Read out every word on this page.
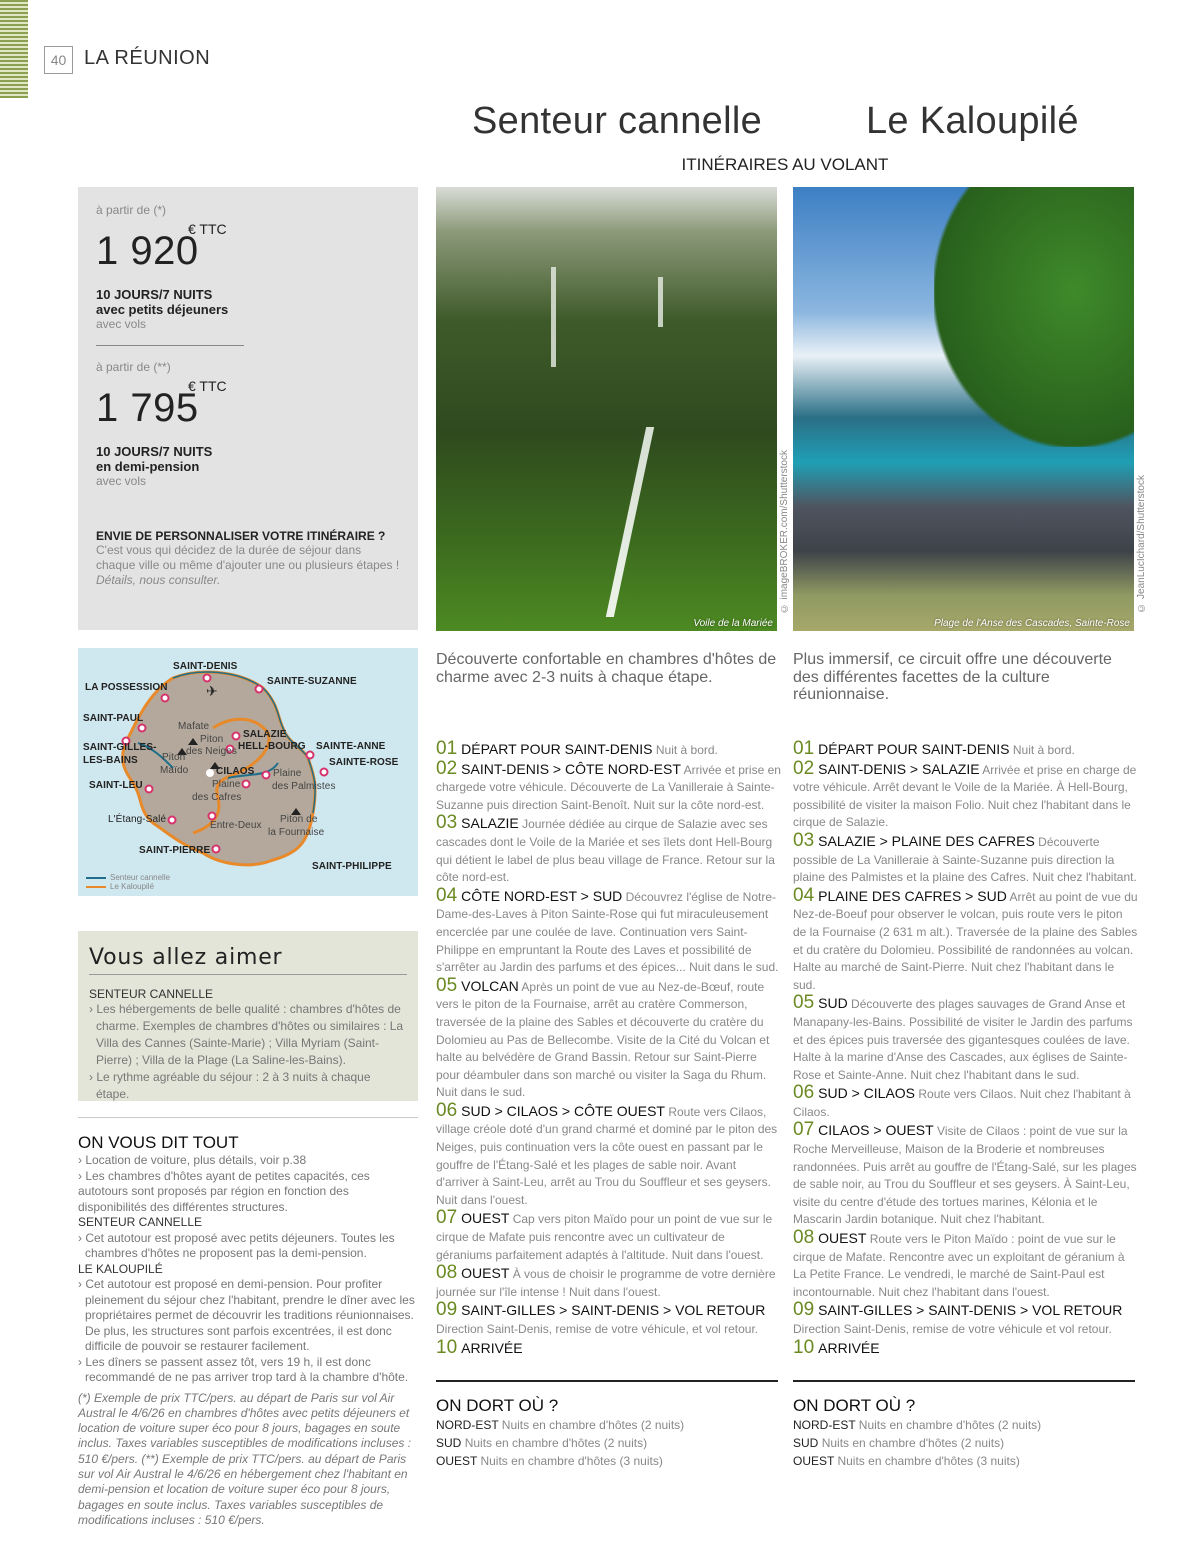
40 LA RÉUNION
Senteur cannelle	Le Kaloupilé
ITINÉRAIRES AU VOLANT
à partir de (*)
1 920
€ TTC
10 JOURS/7 NUITS
avec petits déjeuners
avec vols
à partir de (**)
1 795
€ TTC
10 JOURS/7 NUITS
en demi-pension
avec vols
ENVIE DE PERSONNALISER VOTRE ITINÉRAIRE ?
C'est vous qui décidez de la durée de séjour dans chaque ville ou même d'ajouter une ou plusieurs étapes !
Détails, nous consulter.
✈
SAINT-DENIS
LA POSSESSION
SAINTE-SUZANNE
SAINT-PAUL
SAINT-GILLES-
LES-BAINS
SAINT-LEU
L'Étang-Salé
SAINT-PIERRE
SAINT-PHILIPPE
SAINTE-ANNE
SAINTE-ROSE
SALAZIE
HELL-BOURG
CILAOS
Mafate
Piton
des Neiges
Piton
Maïdo
Plaine
des Cafres
Plaine
des Palmistes
Entre-Deux
Piton de
la Fournaise
Senteur cannelle
Le Kaloupilé
Vous allez aimer
SENTEUR CANNELLE
› Les hébergements de belle qualité : chambres d'hôtes de charme. Exemples de chambres d'hôtes ou similaires : La Villa des Cannes (Sainte-Marie) ; Villa Myriam (Saint-Pierre) ; Villa de la Plage (La Saline-les-Bains).
› Le rythme agréable du séjour : 2 à 3 nuits à chaque étape.
ON VOUS DIT TOUT
› Location de voiture, plus détails, voir p.38
› Les chambres d'hôtes ayant de petites capacités, ces autotours sont proposés par région en fonction des disponibilités des différentes structures.
SENTEUR CANNELLE
› Cet autotour est proposé avec petits déjeuners. Toutes les chambres d'hôtes ne proposent pas la demi-pension.
LE KALOUPILÉ
› Cet autotour est proposé en demi-pension. Pour profiter pleinement du séjour chez l'habitant, prendre le dîner avec les propriétaires permet de découvrir les traditions réunionnaises. De plus, les structures sont parfois excentrées, il est donc difficile de pouvoir se restaurer facilement.
› Les dîners se passent assez tôt, vers 19 h, il est donc recommandé de ne pas arriver trop tard à la chambre d'hôte.
(*) Exemple de prix TTC/pers. au départ de Paris sur vol Air Austral le 4/6/26 en chambres d'hôtes avec petits déjeuners et location de voiture super éco pour 8 jours, bagages en soute inclus. Taxes variables susceptibles de modifications incluses : 510 €/pers. (**) Exemple de prix TTC/pers. au départ de Paris sur vol Air Austral le 4/6/26 en hébergement chez l'habitant en demi-pension et location de voiture super éco pour 8 jours, bagages en soute inclus. Taxes variables susceptibles de modifications incluses : 510 €/pers.
Voile de la Mariée
© imageBROKER.com/Shutterstock
Plage de l'Anse des Cascades, Sainte-Rose
© JeanLucIchard/Shutterstock
Découverte confortable en chambres d'hôtes de charme avec 2-3 nuits à chaque étape.
Plus immersif, ce circuit offre une découverte des différentes facettes de la culture réunionnaise.
01 DÉPART POUR SAINT-DENIS Nuit à bord.
02 SAINT-DENIS > CÔTE NORD-EST Arrivée et prise en chargede votre véhicule. Découverte de La Vanilleraie à Sainte-Suzanne puis direction Saint-Benoît. Nuit sur la côte nord-est.
03 SALAZIE Journée dédiée au cirque de Salazie avec ses cascades dont le Voile de la Mariée et ses îlets dont Hell-Bourg qui détient le label de plus beau village de France. Retour sur la côte nord-est.
04 CÔTE NORD-EST > SUD Découvrez l'église de Notre-Dame-des-Laves à Piton Sainte-Rose qui fut miraculeusement encerclée par une coulée de lave. Continuation vers Saint-Philippe en empruntant la Route des Laves et possibilité de s'arrêter au Jardin des parfums et des épices... Nuit dans le sud.
05 VOLCAN Après un point de vue au Nez-de-Bœuf, route vers le piton de la Fournaise, arrêt au cratère Commerson, traversée de la plaine des Sables et découverte du cratère du Dolomieu au Pas de Bellecombe. Visite de la Cité du Volcan et halte au belvédère de Grand Bassin. Retour sur Saint-Pierre pour déambuler dans son marché ou visiter la Saga du Rhum. Nuit dans le sud.
06 SUD > CILAOS > CÔTE OUEST Route vers Cilaos, village créole doté d'un grand charmé et dominé par le piton des Neiges, puis continuation vers la côte ouest en passant par le gouffre de l'Étang-Salé et les plages de sable noir. Avant d'arriver à Saint-Leu, arrêt au Trou du Souffleur et ses geysers. Nuit dans l'ouest.
07 OUEST Cap vers piton Maïdo pour un point de vue sur le cirque de Mafate puis rencontre avec un cultivateur de géraniums parfaitement adaptés à l'altitude. Nuit dans l'ouest.
08 OUEST À vous de choisir le programme de votre dernière journée sur l'île intense ! Nuit dans l'ouest.
09 SAINT-GILLES > SAINT-DENIS > VOL RETOUR Direction Saint-Denis, remise de votre véhicule, et vol retour.
10 ARRIVÉE
01 DÉPART POUR SAINT-DENIS Nuit à bord.
02 SAINT-DENIS > SALAZIE Arrivée et prise en charge de votre véhicule. Arrêt devant le Voile de la Mariée. À Hell-Bourg, possibilité de visiter la maison Folio. Nuit chez l'habitant dans le cirque de Salazie.
03 SALAZIE > PLAINE DES CAFRES Découverte possible de La Vanilleraie à Sainte-Suzanne puis direction la plaine des Palmistes et la plaine des Cafres. Nuit chez l'habitant.
04 PLAINE DES CAFRES > SUD Arrêt au point de vue du Nez-de-Boeuf pour observer le volcan, puis route vers le piton de la Fournaise (2 631 m alt.). Traversée de la plaine des Sables et du cratère du Dolomieu. Possibilité de randonnées au volcan. Halte au marché de Saint-Pierre. Nuit chez l'habitant dans le sud.
05 SUD Découverte des plages sauvages de Grand Anse et Manapany-les-Bains. Possibilité de visiter le Jardin des parfums et des épices puis traversée des gigantesques coulées de lave. Halte à la marine d'Anse des Cascades, aux églises de Sainte-Rose et Sainte-Anne. Nuit chez l'habitant dans le sud.
06 SUD > CILAOS Route vers Cilaos. Nuit chez l'habitant à Cilaos.
07 CILAOS > OUEST Visite de Cilaos : point de vue sur la Roche Merveilleuse, Maison de la Broderie et nombreuses randonnées. Puis arrêt au gouffre de l'Étang-Salé, sur les plages de sable noir, au Trou du Souffleur et ses geysers. À Saint-Leu, visite du centre d'étude des tortues marines, Kélonia et le Mascarin Jardin botanique. Nuit chez l'habitant.
08 OUEST Route vers le Piton Maïdo : point de vue sur le cirque de Mafate. Rencontre avec un exploitant de géranium à La Petite France. Le vendredi, le marché de Saint-Paul est incontournable. Nuit chez l'habitant dans l'ouest.
09 SAINT-GILLES > SAINT-DENIS > VOL RETOUR Direction Saint-Denis, remise de votre véhicule et vol retour.
10 ARRIVÉE
ON DORT OÙ ?
NORD-EST Nuits en chambre d'hôtes (2 nuits)
SUD Nuits en chambre d'hôtes (2 nuits)
OUEST Nuits en chambre d'hôtes (3 nuits)
ON DORT OÙ ?
NORD-EST Nuits en chambre d'hôtes (2 nuits)
SUD Nuits en chambre d'hôtes (2 nuits)
OUEST Nuits en chambre d'hôtes (3 nuits)
